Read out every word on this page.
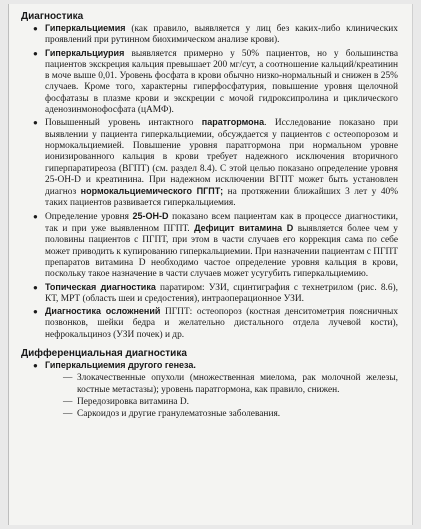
Диагностика
● Гиперкальциемия (как правило, выявляется у лиц без каких-либо клинических проявлений при рутинном биохимическом анализе крови).
● Гиперкальциурия выявляется примерно у 50% пациентов, но у большинства пациентов экскреция кальция превышает 200 мг/сут, а соотношение кальций/креатинин в моче выше 0,01. Уровень фосфата в крови обычно низко-нормальный и снижен в 25% случаев. Кроме того, характерны гиперфосфатурия, повышение уровня щелочной фосфатазы в плазме крови и экскреции с мочой гидроксипролина и циклического аденозинмонофосфата (цАМФ).
● Повышенный уровень интактного паратгормона. Исследование показано при выявлении у пациента гиперкальциемии, обсуждается у пациентов с остеопорозом и нормокальциемией. Повышение уровня паратгормона при нормальном уровне ионизированного кальция в крови требует надежного исключения вторичного гиперпаратиреоза (ВГПТ) (см. раздел 8.4). С этой целью показано определение уровня 25-ОН-D и креатинина. При надежном исключении ВГПТ может быть установлен диагноз нормокальциемического ПГПТ; на протяжении ближайших 3 лет у 40% таких пациентов развивается гиперкальциемия.
● Определение уровня 25-ОН-D показано всем пациентам как в процессе диагностики, так и при уже выявленном ПГПТ. Дефицит витамина D выявляется более чем у половины пациентов с ПГПТ, при этом в части случаев его коррекция сама по себе может приводить к купированию гиперкальциемии. При назначении пациентам с ПГПТ препаратов витамина D необходимо частое определение уровня кальция в крови, поскольку такое назначение в части случаев может усугубить гиперкальциемию.
● Топическая диагностика паратиром: УЗИ, сцинтиграфия с технетрилом (рис. 8.6), КТ, МРТ (область шеи и средостения), интраоперационное УЗИ.
● Диагностика осложнений ПГПТ: остеопороз (костная денситометрия поясничных позвонков, шейки бедра и желательно дистального отдела лучевой кости), нефрокальциноз (УЗИ почек) и др.
Дифференциальная диагностика
● Гиперкальциемия другого генеза.
— Злокачественные опухоли (множественная миелома, рак молочной железы, костные метастазы); уровень паратгормона, как правило, снижен.
— Передозировка витамина D.
— Саркоидоз и другие гранулематозные заболевания.
